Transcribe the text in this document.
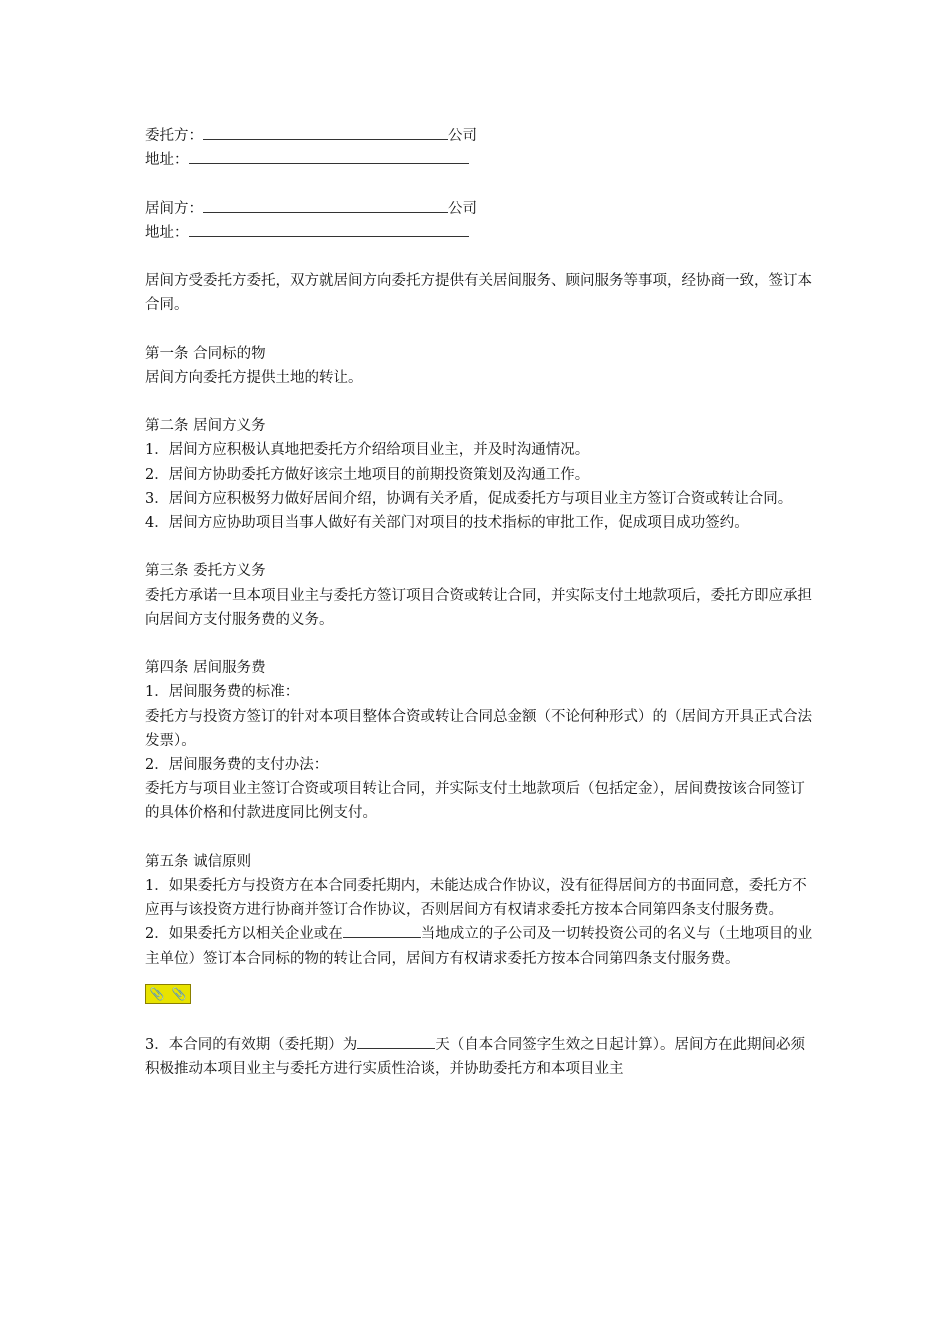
委托方：	公司
地址：
居间方：	公司
地址：
居间方受委托方委托，双方就居间方向委托方提供有关居间服务、顾问服务等事项，经协商一致，签订本合同。
第一条 合同标的物
居间方向委托方提供土地的转让。
第二条 居间方义务
1．居间方应积极认真地把委托方介绍给项目业主，并及时沟通情况。
2．居间方协助委托方做好该宗土地项目的前期投资策划及沟通工作。
3．居间方应积极努力做好居间介绍，协调有关矛盾，促成委托方与项目业主方签订合资或转让合同。
4．居间方应协助项目当事人做好有关部门对项目的技术指标的审批工作，促成项目成功签约。
第三条 委托方义务
委托方承诺一旦本项目业主与委托方签订项目合资或转让合同，并实际支付土地款项后，委托方即应承担向居间方支付服务费的义务。
第四条 居间服务费
1．居间服务费的标准：
委托方与投资方签订的针对本项目整体合资或转让合同总金额（不论何种形式）的（居间方开具正式合法发票）。
2．居间服务费的支付办法：
委托方与项目业主签订合资或项目转让合同，并实际支付土地款项后（包括定金），居间费按该合同签订的具体价格和付款进度同比例支付。
第五条 诚信原则
1．如果委托方与投资方在本合同委托期内，未能达成合作协议，没有征得居间方的书面同意，委托方不应再与该投资方进行协商并签订合作协议，否则居间方有权请求委托方按本合同第四条支付服务费。
2．如果委托方以相关企业或在	当地成立的子公司及一切转投资公司的名义与（土地项目的业主单位）签订本合同标的物的转让合同，居间方有权请求委托方按本合同第四条支付服务费。
📎 📎
3．本合同的有效期（委托期）为	天（自本合同签字生效之日起计算）。居间方在此期间必须积极推动本项目业主与委托方进行实质性洽谈，并协助委托方和本项目业主
